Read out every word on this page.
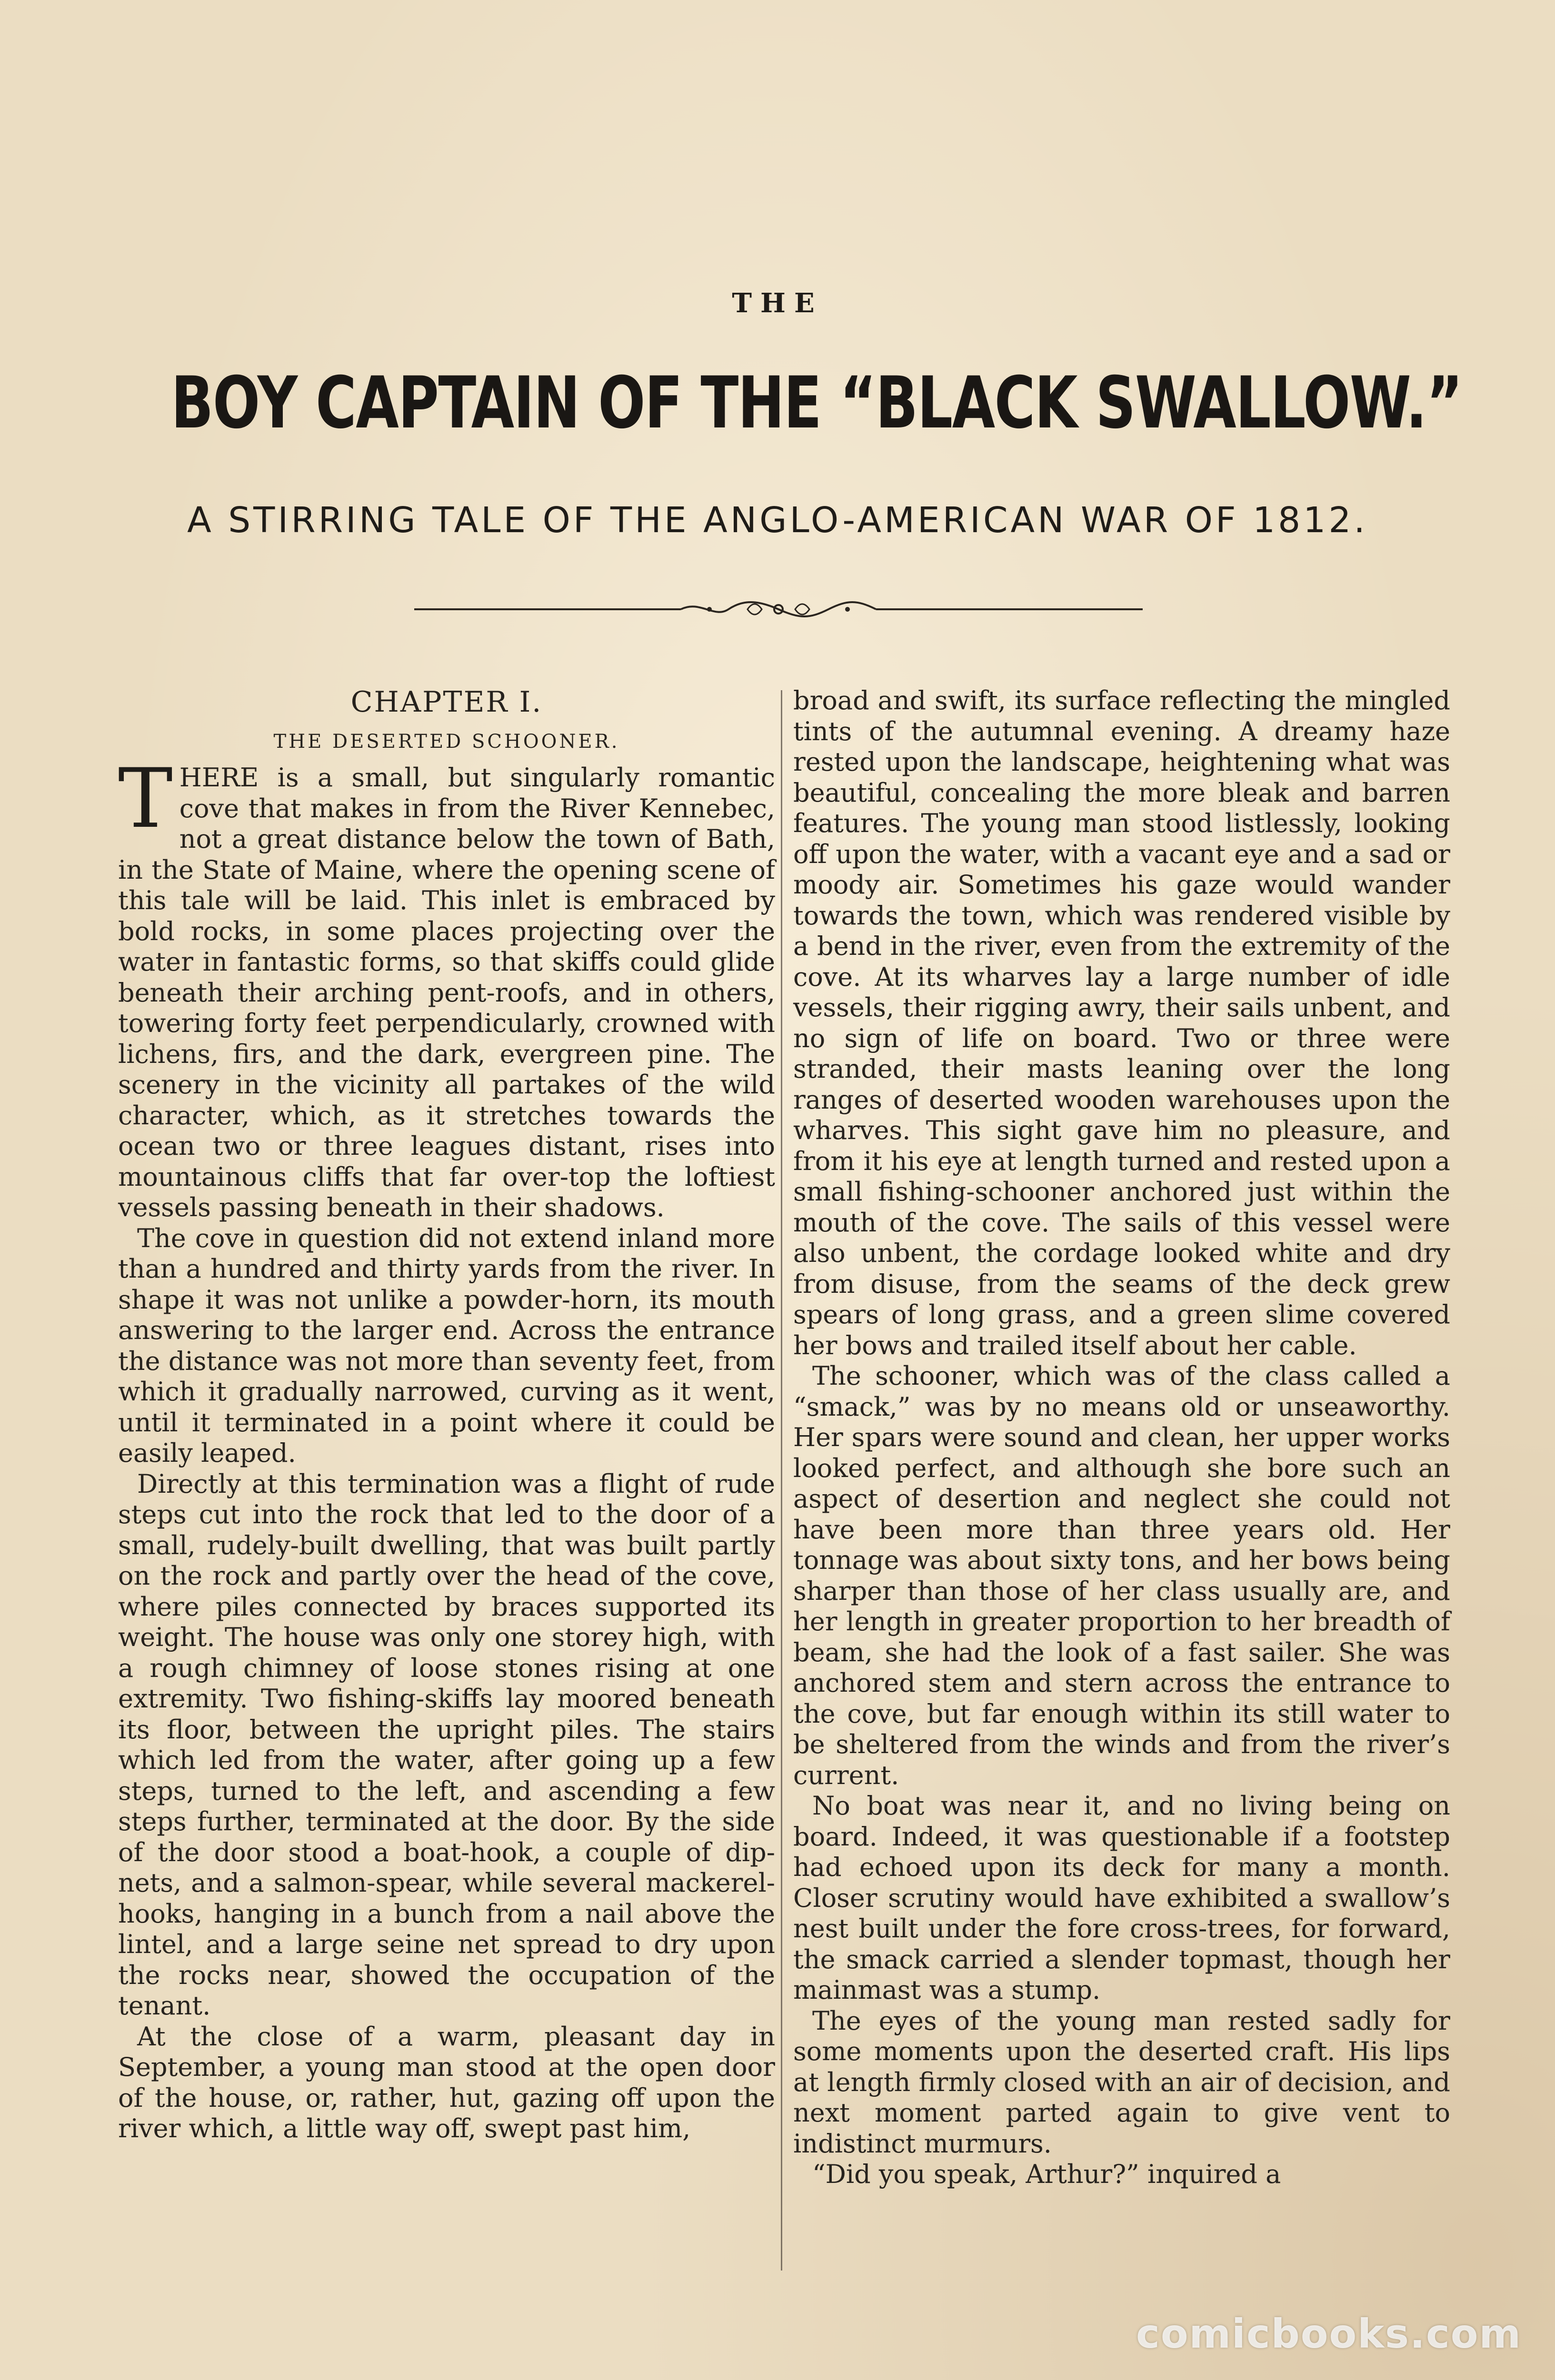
THE
BOY CAPTAIN OF THE “BLACK SWALLOW.”
A STIRRING TALE OF THE ANGLO-AMERICAN WAR OF 1812.
CHAPTER I.
THE DESERTED SCHOONER.

THERE is a small, but singularly romantic cove that makes in from the River Kennebec, not a great distance below the town of Bath, in the State of Maine, where the opening scene of this tale will be laid. This inlet is embraced by bold rocks, in some places projecting over the water in fantastic forms, so that skiffs could glide beneath their arching pent-roofs, and in others, towering forty feet perpendicularly, crowned with lichens, firs, and the dark, evergreen pine. The scenery in the vicinity all partakes of the wild character, which, as it stretches towards the ocean two or three leagues distant, rises into mountainous cliffs that far over-top the loftiest vessels passing beneath in their shadows.

The cove in question did not extend inland more than a hundred and thirty yards from the river. In shape it was not unlike a powder-horn, its mouth answering to the larger end. Across the entrance the distance was not more than seventy feet, from which it gradually narrowed, curving as it went, until it terminated in a point where it could be easily leaped.

Directly at this termination was a flight of rude steps cut into the rock that led to the door of a small, rudely-built dwelling, that was built partly on the rock and partly over the head of the cove, where piles connected by braces supported its weight. The house was only one storey high, with a rough chimney of loose stones rising at one extremity. Two fishing-skiffs lay moored beneath its floor, between the upright piles. The stairs which led from the water, after going up a few steps, turned to the left, and ascending a few steps further, terminated at the door. By the side of the door stood a boat-hook, a couple of dip-nets, and a salmon-spear, while several mackerel-hooks, hanging in a bunch from a nail above the lintel, and a large seine net spread to dry upon the rocks near, showed the occupation of the tenant.

At the close of a warm, pleasant day in September, a young man stood at the open door of the house, or, rather, hut, gazing off upon the river which, a little way off, swept past him,

broad and swift, its surface reflecting the mingled tints of the autumnal evening. A dreamy haze rested upon the landscape, heightening what was beautiful, concealing the more bleak and barren features. The young man stood listlessly, looking off upon the water, with a vacant eye and a sad or moody air. Sometimes his gaze would wander towards the town, which was rendered visible by a bend in the river, even from the extremity of the cove. At its wharves lay a large number of idle vessels, their rigging awry, their sails unbent, and no sign of life on board. Two or three were stranded, their masts leaning over the long ranges of deserted wooden warehouses upon the wharves. This sight gave him no pleasure, and from it his eye at length turned and rested upon a small fishing-schooner anchored just within the mouth of the cove. The sails of this vessel were also unbent, the cordage looked white and dry from disuse, from the seams of the deck grew spears of long grass, and a green slime covered her bows and trailed itself about her cable.

The schooner, which was of the class called a “smack,” was by no means old or unseaworthy. Her spars were sound and clean, her upper works looked perfect, and although she bore such an aspect of desertion and neglect she could not have been more than three years old. Her tonnage was about sixty tons, and her bows being sharper than those of her class usually are, and her length in greater proportion to her breadth of beam, she had the look of a fast sailer. She was anchored stem and stern across the entrance to the cove, but far enough within its still water to be sheltered from the winds and from the river’s current.

No boat was near it, and no living being on board. Indeed, it was questionable if a footstep had echoed upon its deck for many a month. Closer scrutiny would have exhibited a swallow’s nest built under the fore cross-trees, for forward, the smack carried a slender topmast, though her mainmast was a stump.

The eyes of the young man rested sadly for some moments upon the deserted craft. His lips at length firmly closed with an air of decision, and next moment parted again to give vent to indistinct murmurs.

“Did you speak, Arthur?” inquired a

comicbooks.com
